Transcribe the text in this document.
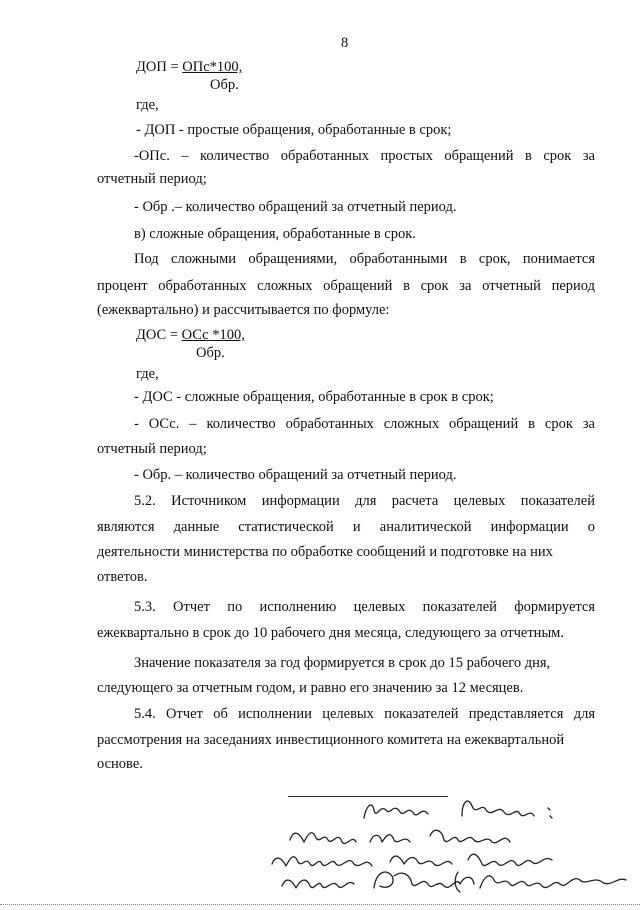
8
ДОП = ОПс*100,
Обр.
где,
- ДОП - простые обращения, обработанные в срок;
-ОПс. – количество обработанных простых обращений в срок за
отчетный период;
- Обр .– количество обращений за отчетный период.
в) сложные обращения, обработанные в срок.
Под сложными обращениями, обработанными в срок, понимается
процент обработанных сложных обращений в срок за отчетный период
(ежеквартально) и рассчитывается по формуле:
ДОС = ОСс *100,
Обр.
где,
- ДОС - сложные обращения, обработанные в срок в срок;
- ОСс. – количество обработанных сложных обращений в срок за
отчетный период;
- Обр. – количество обращений за отчетный период.
5.2. Источником информации для расчета целевых показателей
являются данные статистической и аналитической информации о
деятельности министерства по обработке сообщений и подготовке на них
ответов.
5.3. Отчет по исполнению целевых показателей формируется
ежеквартально в срок до 10 рабочего дня месяца, следующего за отчетным.
Значение показателя за год формируется в срок до 15 рабочего дня,
следующего за отчетным годом, и равно его значению за 12 месяцев.
5.4. Отчет об исполнении целевых показателей представляется для
рассмотрения на заседаниях инвестиционного комитета на ежеквартальной
основе.
